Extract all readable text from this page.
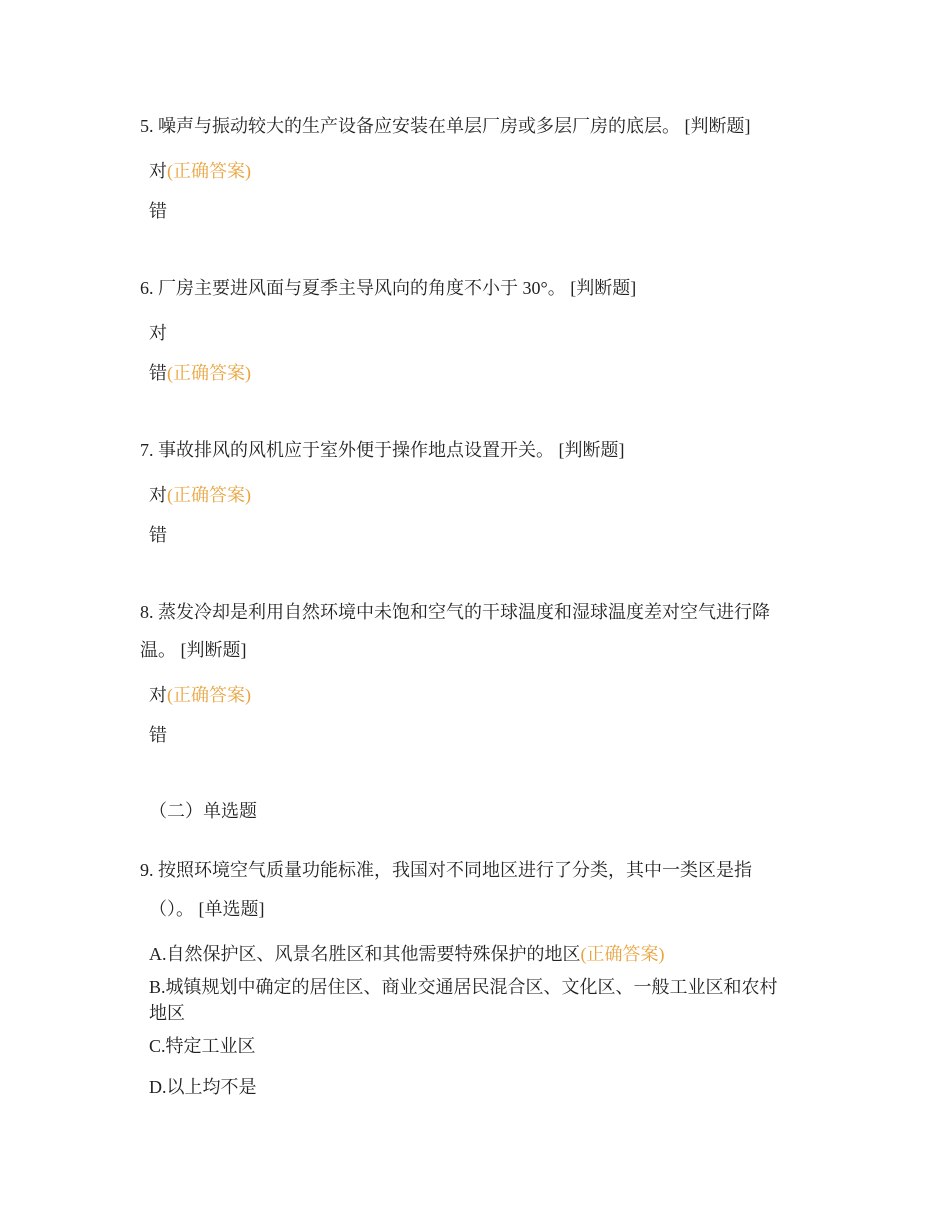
5. 噪声与振动较大的生产设备应安装在单层厂房或多层厂房的底层。 [判断题]
对(正确答案)
错
6. 厂房主要进风面与夏季主导风向的角度不小于 30°。 [判断题]
对
错(正确答案)
7. 事故排风的风机应于室外便于操作地点设置开关。 [判断题]
对(正确答案)
错
8. 蒸发冷却是利用自然环境中未饱和空气的干球温度和湿球温度差对空气进行降
温。 [判断题]
对(正确答案)
错
（二）单选题
9. 按照环境空气质量功能标准，我国对不同地区进行了分类，其中一类区是指
（）。 [单选题]
A.自然保护区、风景名胜区和其他需要特殊保护的地区(正确答案)
B.城镇规划中确定的居住区、商业交通居民混合区、文化区、一般工业区和农村
地区
C.特定工业区
D.以上均不是
